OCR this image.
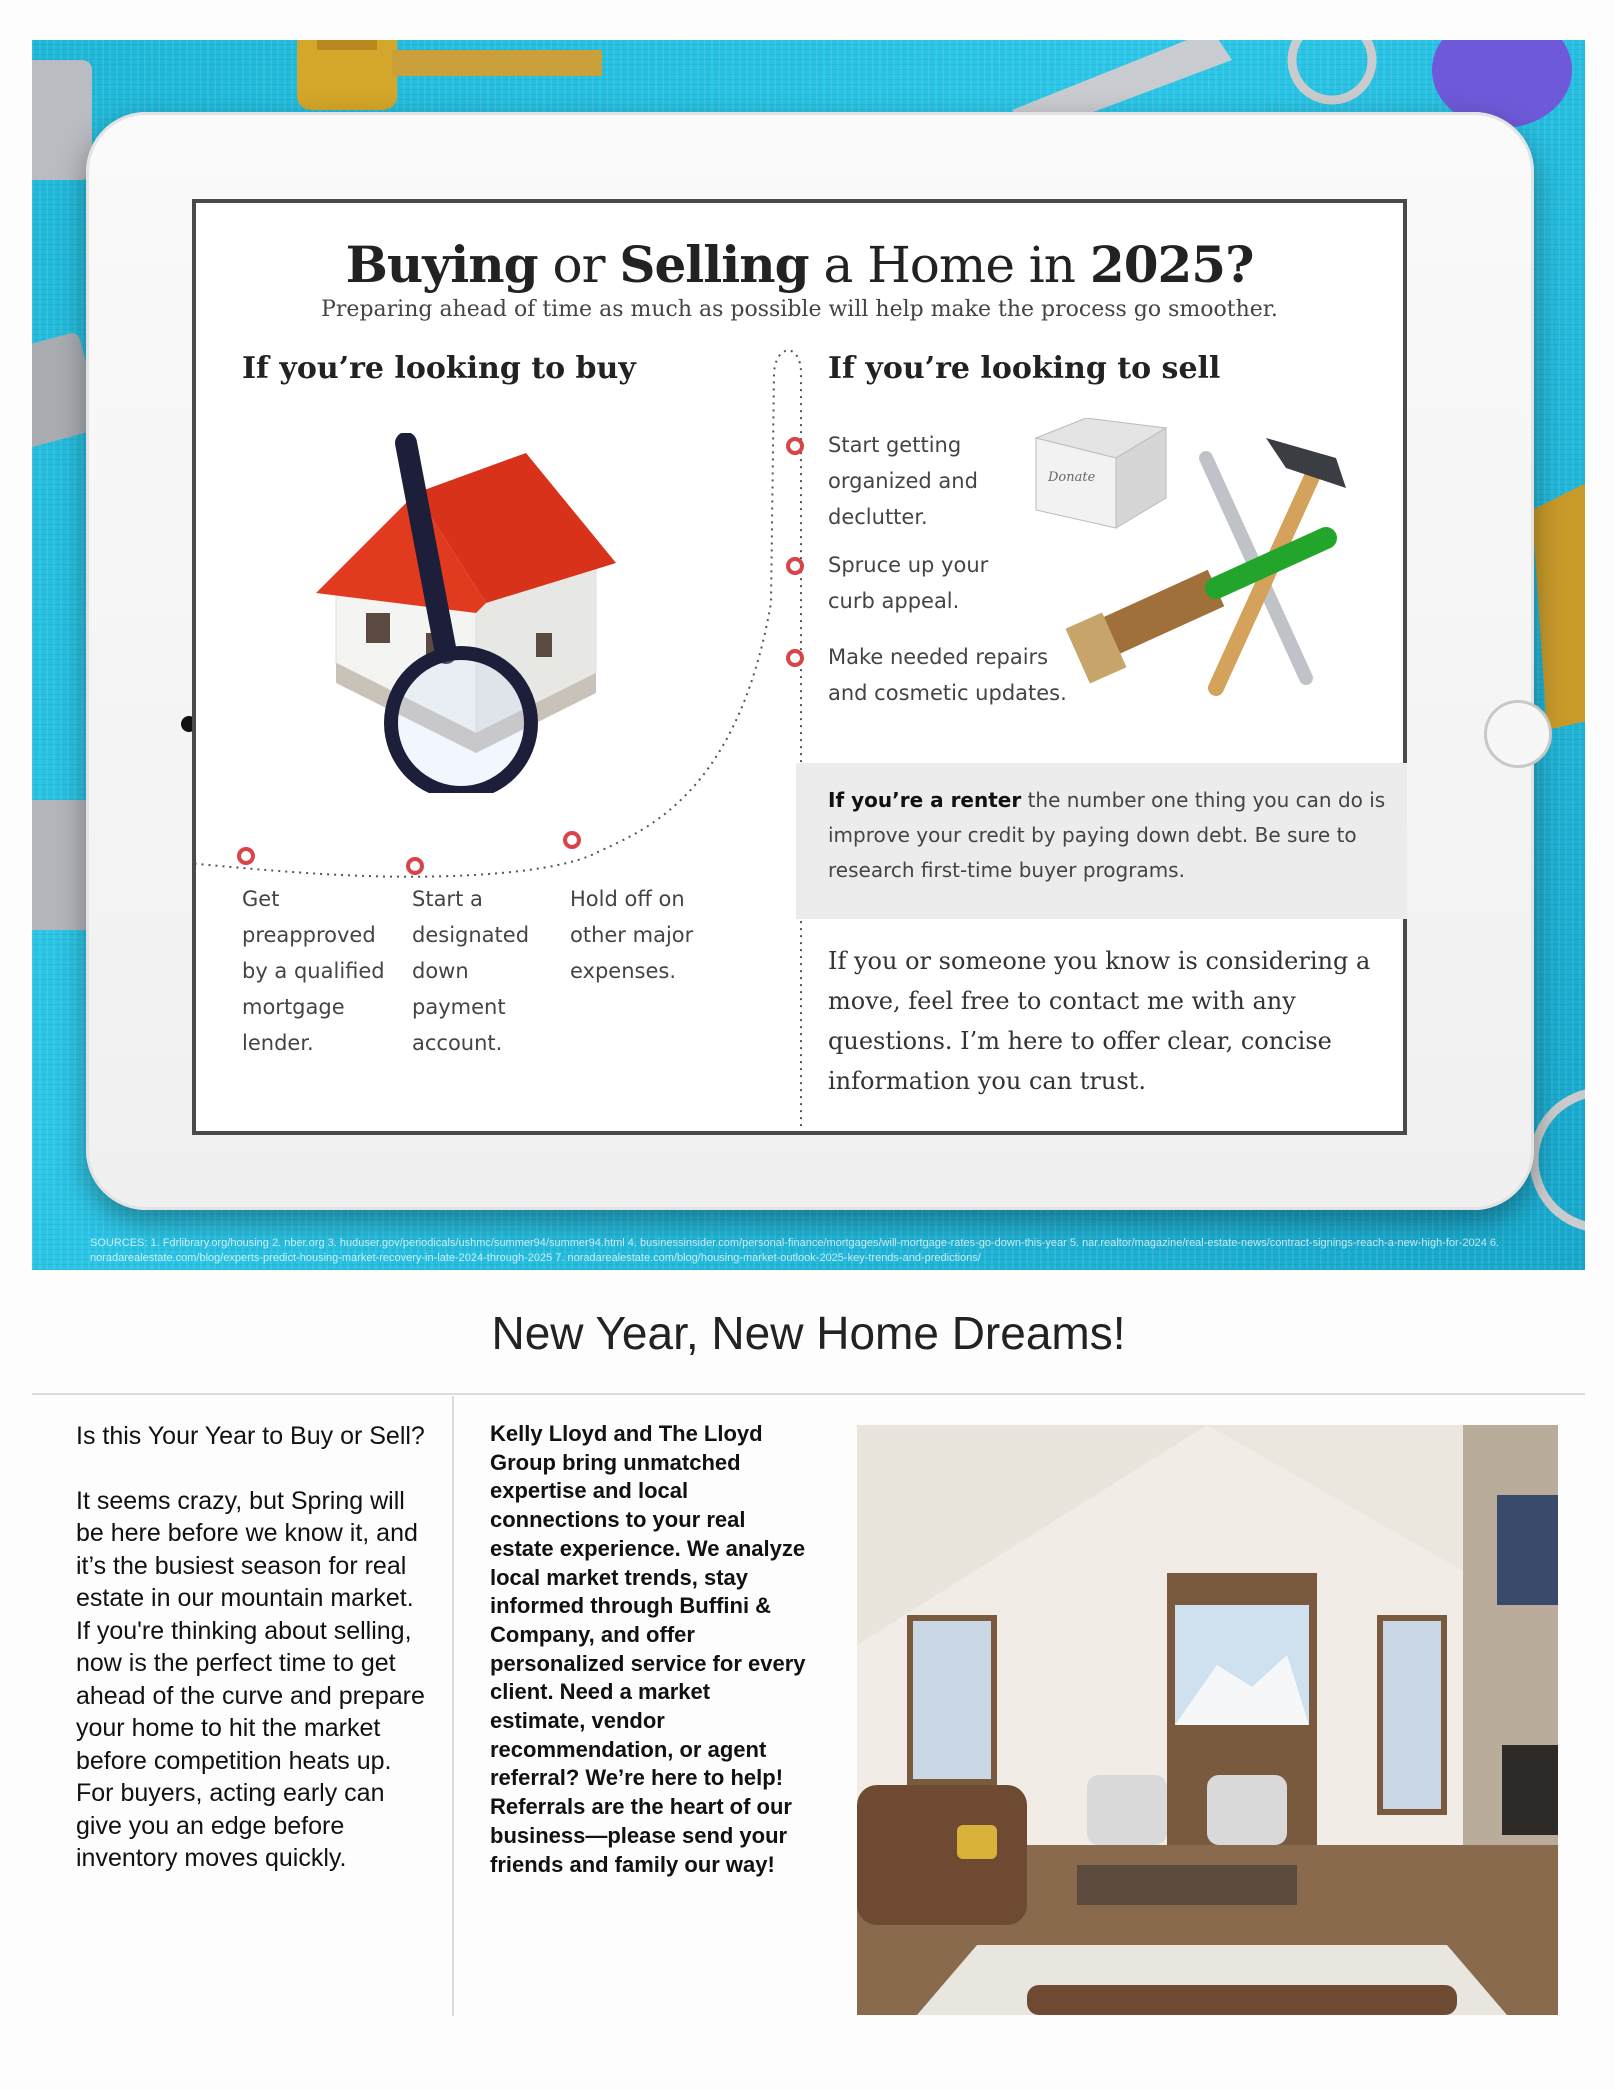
Buying or Selling a Home in 2025?
Preparing ahead of time as much as possible will help make the process go smoother.
If you’re looking to buy
Get
preapproved
by a qualified
mortgage
lender.
Start a
designated
down
payment
account.
Hold off on
other major
expenses.
If you’re looking to sell
Start getting
organized and
declutter.
Spruce up your
curb appeal.
Make needed repairs
and cosmetic updates.
Donate
If you’re a renter the number one thing you can do is improve your credit by paying down debt. Be sure to research first-time buyer programs.
If you or someone you know is considering a move, feel free to contact me with any questions. I’m here to offer clear, concise information you can trust.
SOURCES: 1. Fdrlibrary.org/housing 2. nber.org 3. huduser.gov/periodicals/ushmc/summer94/summer94.html 4. businessinsider.com/personal-finance/mortgages/will-mortgage-rates-go-down-this-year 5. nar.realtor/magazine/real-estate-news/contract-signings-reach-a-new-high-for-2024 6. noradarealestate.com/blog/experts-predict-housing-market-recovery-in-late-2024-through-2025 7. noradarealestate.com/blog/housing-market-outlook-2025-key-trends-and-predictions/
New Year, New Home Dreams!

Is this Your Year to Buy or Sell?

It seems crazy, but Spring will be here before we know it, and it’s the busiest season for real estate in our mountain market. If you're thinking about selling, now is the perfect time to get ahead of the curve and prepare your home to hit the market before competition heats up. For buyers, acting early can give you an edge before inventory moves quickly.

Kelly Lloyd and The Lloyd Group bring unmatched expertise and local connections to your real estate experience. We analyze local market trends, stay informed through Buffini & Company, and offer personalized service for every client. Need a market estimate, vendor recommendation, or agent referral? We’re here to help! Referrals are the heart of our business—please send your friends and family our way!
